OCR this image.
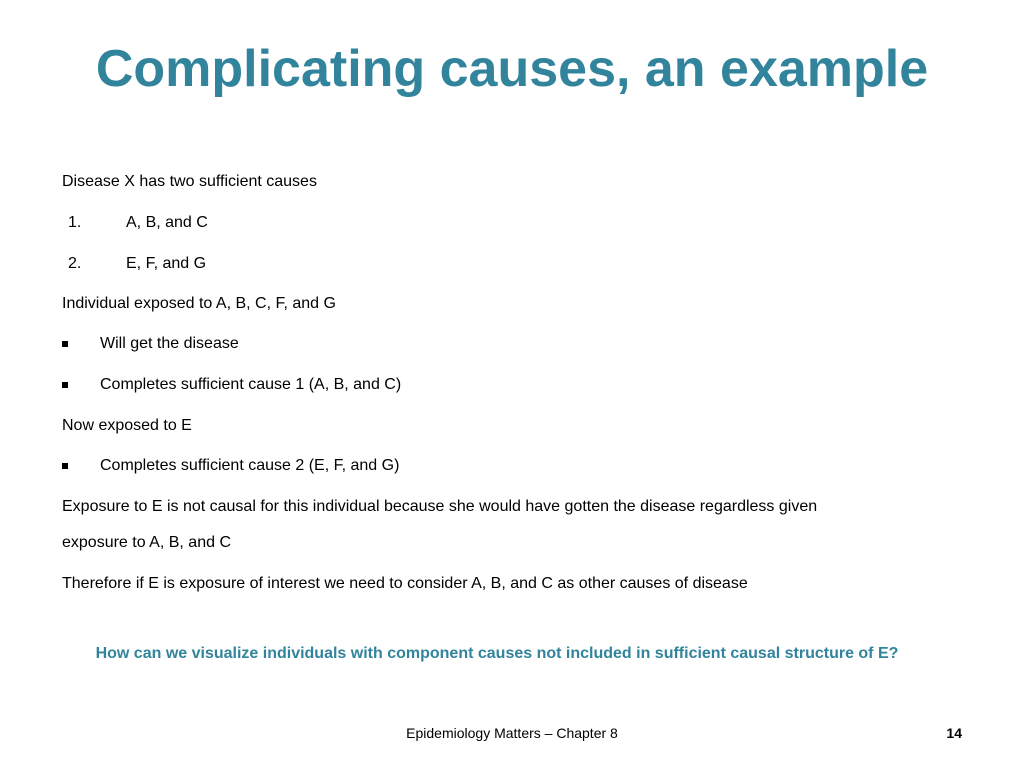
Complicating causes, an example
Disease X has two sufficient causes
1.	A, B, and C
2.	E, F, and G
Individual exposed to A, B, C, F, and G
Will get the disease
Completes sufficient cause 1 (A, B, and C)
Now exposed to E
Completes sufficient cause 2 (E, F, and G)
Exposure to E is not causal for this individual because she would have gotten the disease regardless given
exposure to A, B, and C
Therefore if E is exposure of interest we need to consider A, B, and C as other causes of disease
How can we visualize individuals with component causes not included in sufficient causal structure of E?
Epidemiology Matters – Chapter 8	14
